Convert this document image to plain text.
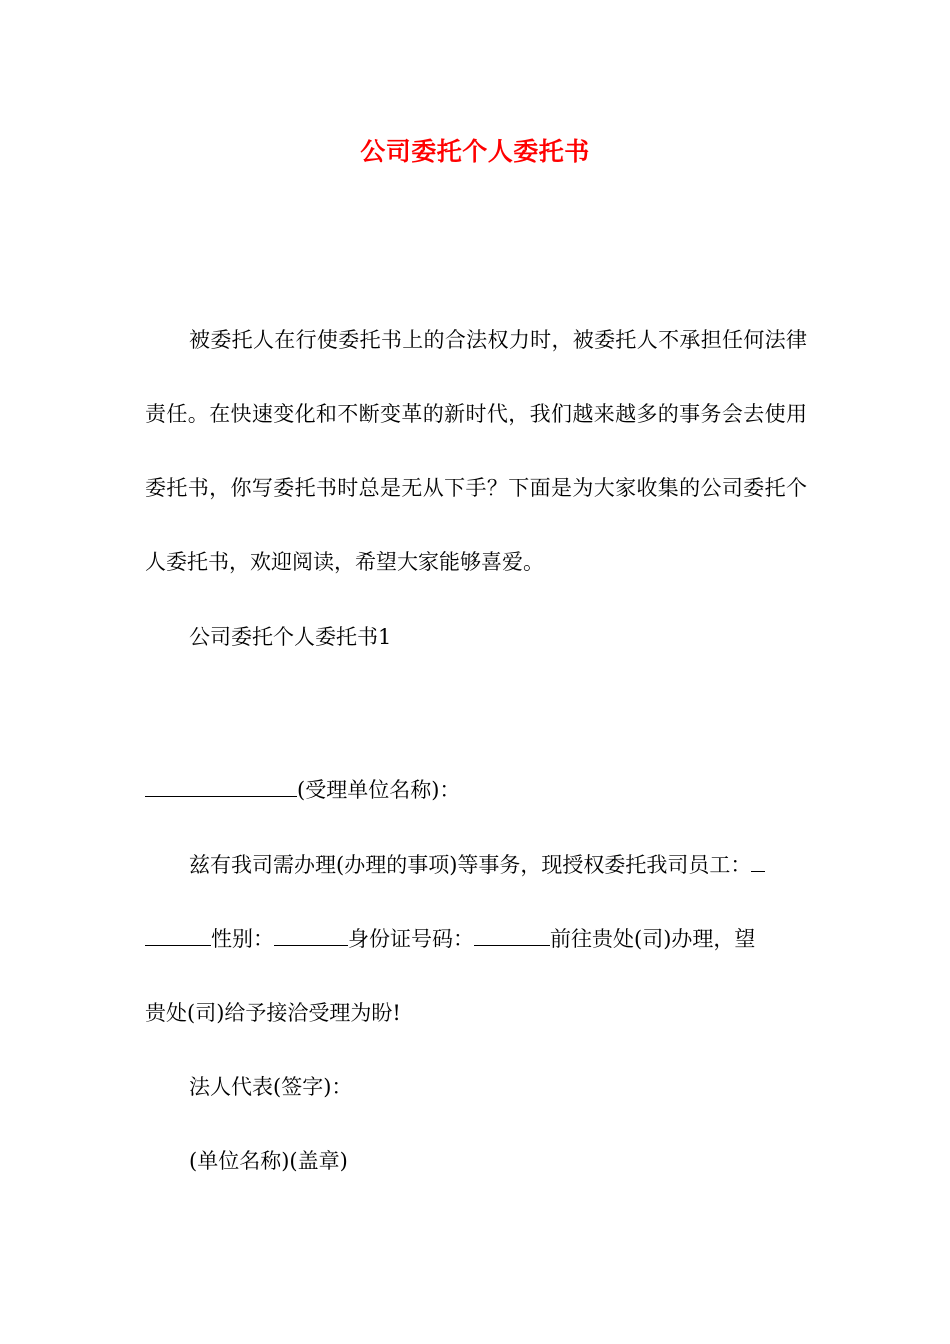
公司委托个人委托书
被委托人在行使委托书上的合法权力时，被委托人不承担任何法律责任。在快速变化和不断变革的新时代，我们越来越多的事务会去使用委托书，你写委托书时总是无从下手？下面是为大家收集的公司委托个人委托书，欢迎阅读，希望大家能够喜爱。
公司委托个人委托书1
(受理单位名称)：
兹有我司需办理(办理的事项)等事务，现授权委托我司员工：
性别：	身份证号码：	前往贵处(司)办理，望
贵处(司)给予接洽受理为盼!
法人代表(签字)：
(单位名称)(盖章)
